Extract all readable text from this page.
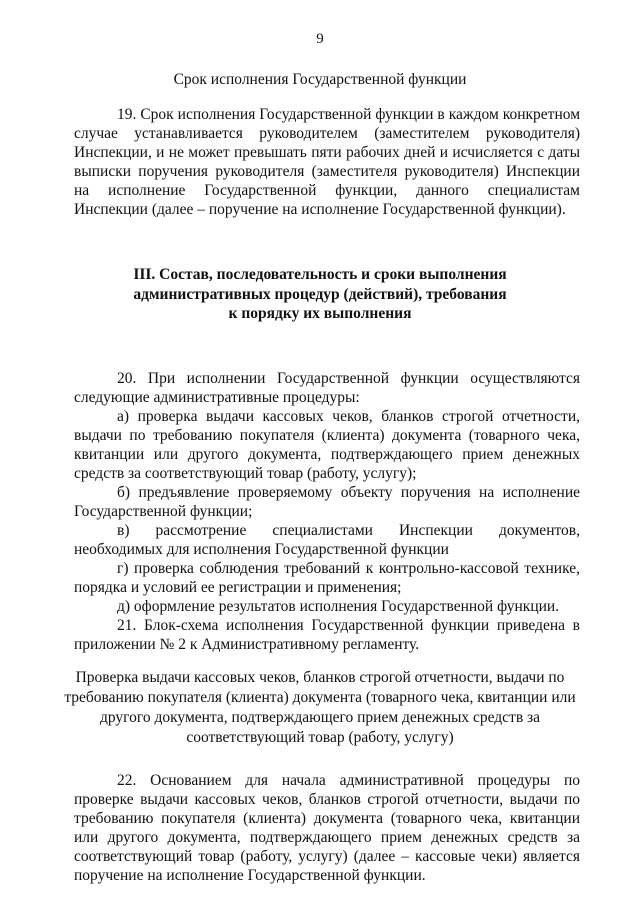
9
Срок исполнения Государственной функции

19. Срок исполнения Государственной функции в каждом конкретном случае устанавливается руководителем (заместителем руководителя) Инспекции, и не может превышать пяти рабочих дней и исчисляется с даты выписки поручения руководителя (заместителя руководителя) Инспекции на исполнение Государственной функции, данного специалистам Инспекции (далее – поручение на исполнение Государственной функции).

III. Состав, последовательность и сроки выполнения
административных процедур (действий), требования
к порядку их выполнения

20. При исполнении Государственной функции осуществляются следующие административные процедуры:

а) проверка выдачи кассовых чеков, бланков строгой отчетности, выдачи по требованию покупателя (клиента) документа (товарного чека, квитанции или другого документа, подтверждающего прием денежных средств за соответствующий товар (работу, услугу);

б) предъявление проверяемому объекту поручения на исполнение Государственной функции;

в) рассмотрение специалистами Инспекции документов, необходимых для исполнения Государственной функции

г) проверка соблюдения требований к контрольно-кассовой технике, порядка и условий ее регистрации и применения;

д) оформление результатов исполнения Государственной функции.

21. Блок-схема исполнения Государственной функции приведена в приложении № 2 к Административному регламенту.

Проверка выдачи кассовых чеков, бланков строгой отчетности, выдачи по
требованию покупателя (клиента) документа (товарного чека, квитанции или
другого документа, подтверждающего прием денежных средств за
соответствующий товар (работу, услугу)

22. Основанием для начала административной процедуры по проверке выдачи кассовых чеков, бланков строгой отчетности, выдачи по требованию покупателя (клиента) документа (товарного чека, квитанции или другого документа, подтверждающего прием денежных средств за соответствующий товар (работу, услугу) (далее – кассовые чеки) является поручение на исполнение Государственной функции.
